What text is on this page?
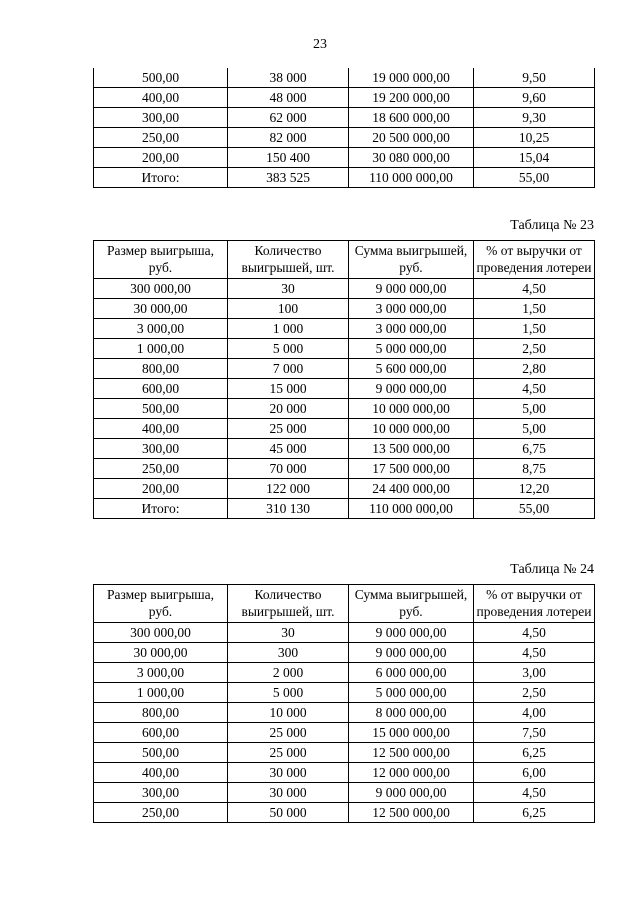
23
500,00	38 000	19 000 000,00	9,50
400,00	48 000	19 200 000,00	9,60
300,00	62 000	18 600 000,00	9,30
250,00	82 000	20 500 000,00	10,25
200,00	150 400	30 080 000,00	15,04
Итого:	383 525	110 000 000,00	55,00
Таблица № 23
Размер выигрыша, руб.	Количество выигрышей, шт.	Сумма выигрышей, руб.	% от выручки от проведения лотереи
300 000,00	30	9 000 000,00	4,50
30 000,00	100	3 000 000,00	1,50
3 000,00	1 000	3 000 000,00	1,50
1 000,00	5 000	5 000 000,00	2,50
800,00	7 000	5 600 000,00	2,80
600,00	15 000	9 000 000,00	4,50
500,00	20 000	10 000 000,00	5,00
400,00	25 000	10 000 000,00	5,00
300,00	45 000	13 500 000,00	6,75
250,00	70 000	17 500 000,00	8,75
200,00	122 000	24 400 000,00	12,20
Итого:	310 130	110 000 000,00	55,00
Таблица № 24
Размер выигрыша, руб.	Количество выигрышей, шт.	Сумма выигрышей, руб.	% от выручки от проведения лотереи
300 000,00	30	9 000 000,00	4,50
30 000,00	300	9 000 000,00	4,50
3 000,00	2 000	6 000 000,00	3,00
1 000,00	5 000	5 000 000,00	2,50
800,00	10 000	8 000 000,00	4,00
600,00	25 000	15 000 000,00	7,50
500,00	25 000	12 500 000,00	6,25
400,00	30 000	12 000 000,00	6,00
300,00	30 000	9 000 000,00	4,50
250,00	50 000	12 500 000,00	6,25
